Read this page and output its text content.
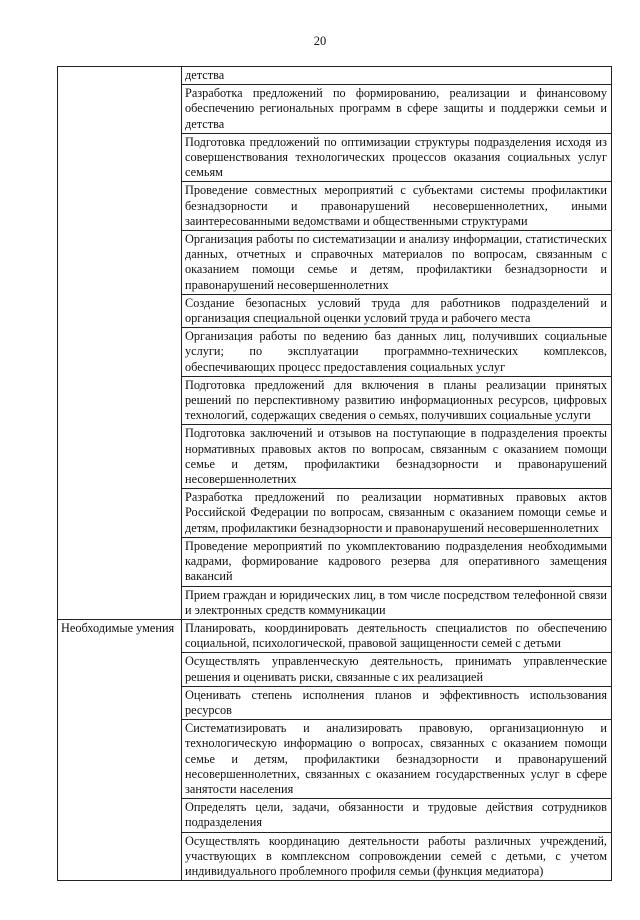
20

	детства

	Разработка предложений по формированию, реализации и финансовому обеспечению региональных программ в сфере защиты и поддержки семьи и детства

	Подготовка предложений по оптимизации структуры подразделения исходя из совершенствования технологических процессов оказания социальных услуг семьям

	Проведение совместных мероприятий с субъектами системы профилактики безнадзорности и правонарушений несовершеннолетних, иными заинтересованными ведомствами и общественными структурами

	Организация работы по систематизации и анализу информации, статистических данных, отчетных и справочных материалов по вопросам, связанным с оказанием помощи семье и детям, профилактики безнадзорности и правонарушений несовершеннолетних

	Создание безопасных условий труда для работников подразделений и организация специальной оценки условий труда и рабочего места

	Организация работы по ведению баз данных лиц, получивших социальные услуги; по эксплуатации программно-технических комплексов, обеспечивающих процесс предоставления социальных услуг

	Подготовка предложений для включения в планы реализации принятых решений по перспективному развитию информационных ресурсов, цифровых технологий, содержащих сведения о семьях, получивших социальные услуги

	Подготовка заключений и отзывов на поступающие в подразделения проекты нормативных правовых актов по вопросам, связанным с оказанием помощи семье и детям, профилактики безнадзорности и правонарушений несовершеннолетних

	Разработка предложений по реализации нормативных правовых актов Российской Федерации по вопросам, связанным с оказанием помощи семье и детям, профилактики безнадзорности и правонарушений несовершеннолетних

	Проведение мероприятий по укомплектованию подразделения необходимыми кадрами, формирование кадрового резерва для оперативного замещения вакансий

	Прием граждан и юридических лиц, в том числе посредством телефонной связи и электронных средств коммуникации

Необходимые умения	Планировать, координировать деятельность специалистов по обеспечению социальной, психологической, правовой защищенности семей с детьми

	Осуществлять управленческую деятельность, принимать управленческие решения и оценивать риски, связанные с их реализацией

	Оценивать степень исполнения планов и эффективность использования ресурсов

	Систематизировать и анализировать правовую, организационную и технологическую информацию о вопросах, связанных с оказанием помощи семье и детям, профилактики безнадзорности и правонарушений несовершеннолетних, связанных с оказанием государственных услуг в сфере занятости населения

	Определять цели, задачи, обязанности и трудовые действия сотрудников подразделения

	Осуществлять координацию деятельности работы различных учреждений, участвующих в комплексном сопровождении семей с детьми, с учетом индивидуального проблемного профиля семьи (функция медиатора)
